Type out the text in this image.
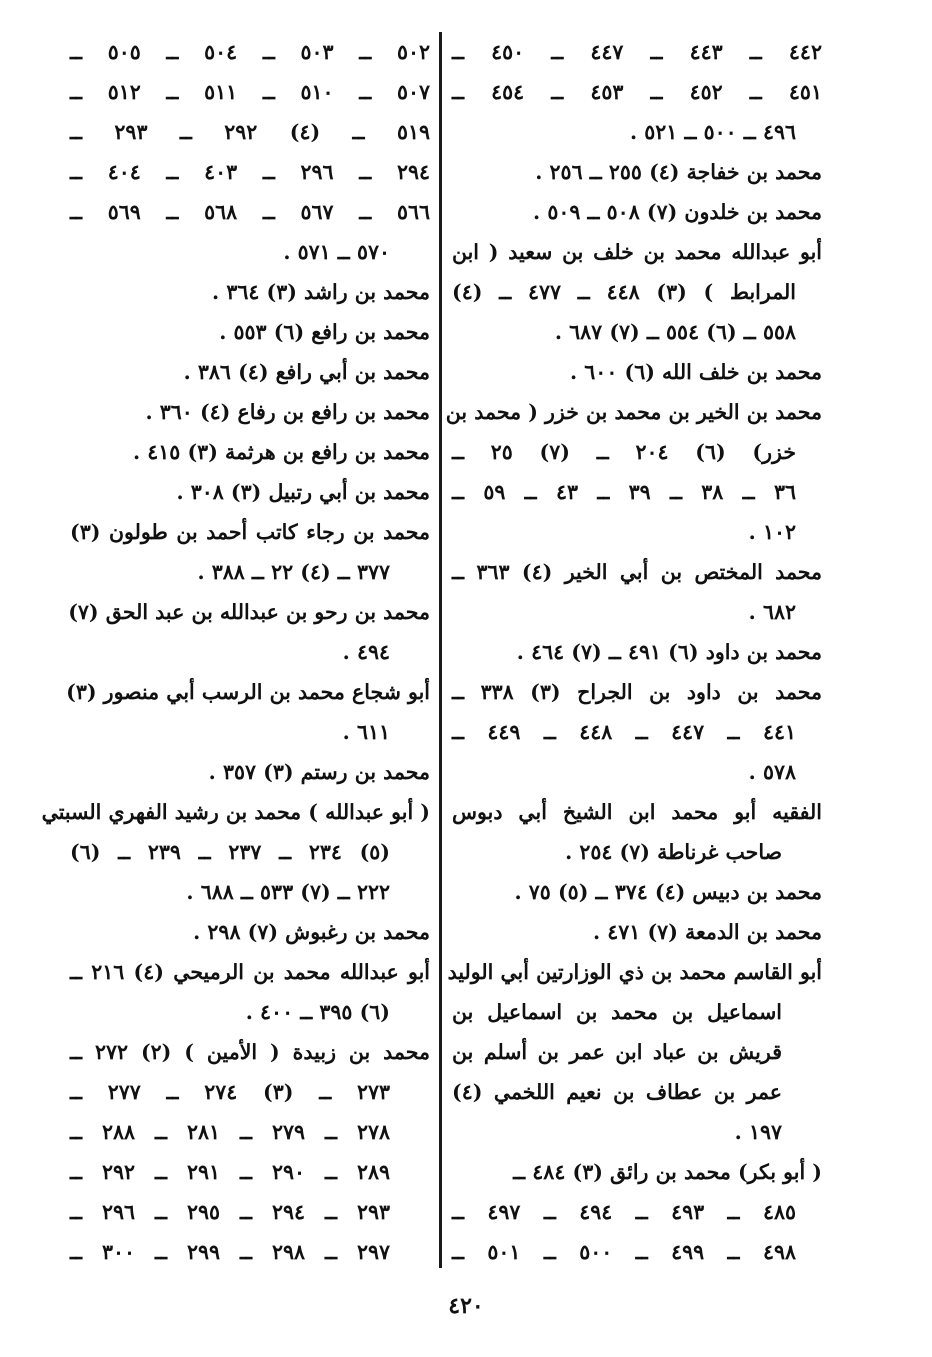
٤٤٢ ــ ٤٤٣ ــ ٤٤٧ ــ ٤٥٠ ــ
٤٥١ ــ ٤٥٢ ــ ٤٥٣ ــ ٤٥٤ ــ
٤٩٦ ــ ٥٠٠ ــ ٥٢١ .
محمد بن خفاجة (٤) ٢٥٥ ــ ٢٥٦ .
محمد بن خلدون (٧) ٥٠٨ ــ ٥٠٩ .
أبو عبدالله محمد بن خلف بن سعيد ( ابن
المرابط ) (٣) ٤٤٨ ــ ٤٧٧ ــ (٤)
٥٥٨ ــ (٦) ٥٥٤ ــ (٧) ٦٨٧ .
محمد بن خلف الله (٦) ٦٠٠ .
محمد بن الخير بن محمد بن خزر ( محمد بن
خزر) (٦) ٢٠٤ ــ (٧) ٢٥ ــ
٣٦ ــ ٣٨ ــ ٣٩ ــ ٤٣ ــ ٥٩ ــ
١٠٢ .
محمد المختص بن أبي الخير (٤) ٣٦٣ ــ
٦٨٢ .
محمد بن داود (٦) ٤٩١ ــ (٧) ٤٦٤ .
محمد بن داود بن الجراح (٣) ٣٣٨ ــ
٤٤١ ــ ٤٤٧ ــ ٤٤٨ ــ ٤٤٩ ــ
٥٧٨ .
الفقيه أبو محمد ابن الشيخ أبي دبوس
صاحب غرناطة (٧) ٢٥٤ .
محمد بن دبيس (٤) ٣٧٤ ــ (٥) ٧٥ .
محمد بن الدمعة (٧) ٤٧١ .
أبو القاسم محمد بن ذي الوزارتين أبي الوليد
اسماعيل بن محمد بن اسماعيل بن
قريش بن عباد ابن عمر بن أسلم بن
عمر بن عطاف بن نعيم اللخمي (٤)
١٩٧ .
( أبو بكر) محمد بن رائق (٣) ٤٨٤ ــ
٤٨٥ ــ ٤٩٣ ــ ٤٩٤ ــ ٤٩٧ ــ
٤٩٨ ــ ٤٩٩ ــ ٥٠٠ ــ ٥٠١ ــ
٥٠٢ ــ ٥٠٣ ــ ٥٠٤ ــ ٥٠٥ ــ
٥٠٧ ــ ٥١٠ ــ ٥١١ ــ ٥١٢ ــ
٥١٩ ــ (٤) ٢٩٢ ــ ٢٩٣ ــ
٢٩٤ ــ ٢٩٦ ــ ٤٠٣ ــ ٤٠٤ ــ
٥٦٦ ــ ٥٦٧ ــ ٥٦٨ ــ ٥٦٩ ــ
٥٧٠ ــ ٥٧١ .
محمد بن راشد (٣) ٣٦٤ .
محمد بن رافع (٦) ٥٥٣ .
محمد بن أبي رافع (٤) ٣٨٦ .
محمد بن رافع بن رفاع (٤) ٣٦٠ .
محمد بن رافع بن هرثمة (٣) ٤١٥ .
محمد بن أبي رتبيل (٣) ٣٠٨ .
محمد بن رجاء كاتب أحمد بن طولون (٣)
٣٧٧ ــ (٤) ٢٢ ــ ٣٨٨ .
محمد بن رحو بن عبدالله بن عبد الحق (٧)
٤٩٤ .
أبو شجاع محمد بن الرسب أبي منصور (٣)
٦١١ .
محمد بن رستم (٣) ٣٥٧ .
( أبو عبدالله ) محمد بن رشيد الفهري السبتي
(٥) ٢٣٤ ــ ٢٣٧ ــ ٢٣٩ ــ (٦)
٢٢٢ ــ (٧) ٥٣٣ ــ ٦٨٨ .
محمد بن رغبوش (٧) ٢٩٨ .
أبو عبدالله محمد بن الرميحي (٤) ٢١٦ ــ
(٦) ٣٩٥ ــ ٤٠٠ .
محمد بن زبيدة ( الأمين ) (٢) ٢٧٢ ــ
٢٧٣ ــ (٣) ٢٧٤ ــ ٢٧٧ ــ
٢٧٨ ــ ٢٧٩ ــ ٢٨١ ــ ٢٨٨ ــ
٢٨٩ ــ ٢٩٠ ــ ٢٩١ ــ ٢٩٢ ــ
٢٩٣ ــ ٢٩٤ ــ ٢٩٥ ــ ٢٩٦ ــ
٢٩٧ ــ ٢٩٨ ــ ٢٩٩ ــ ٣٠٠ ــ
٤٢٠
